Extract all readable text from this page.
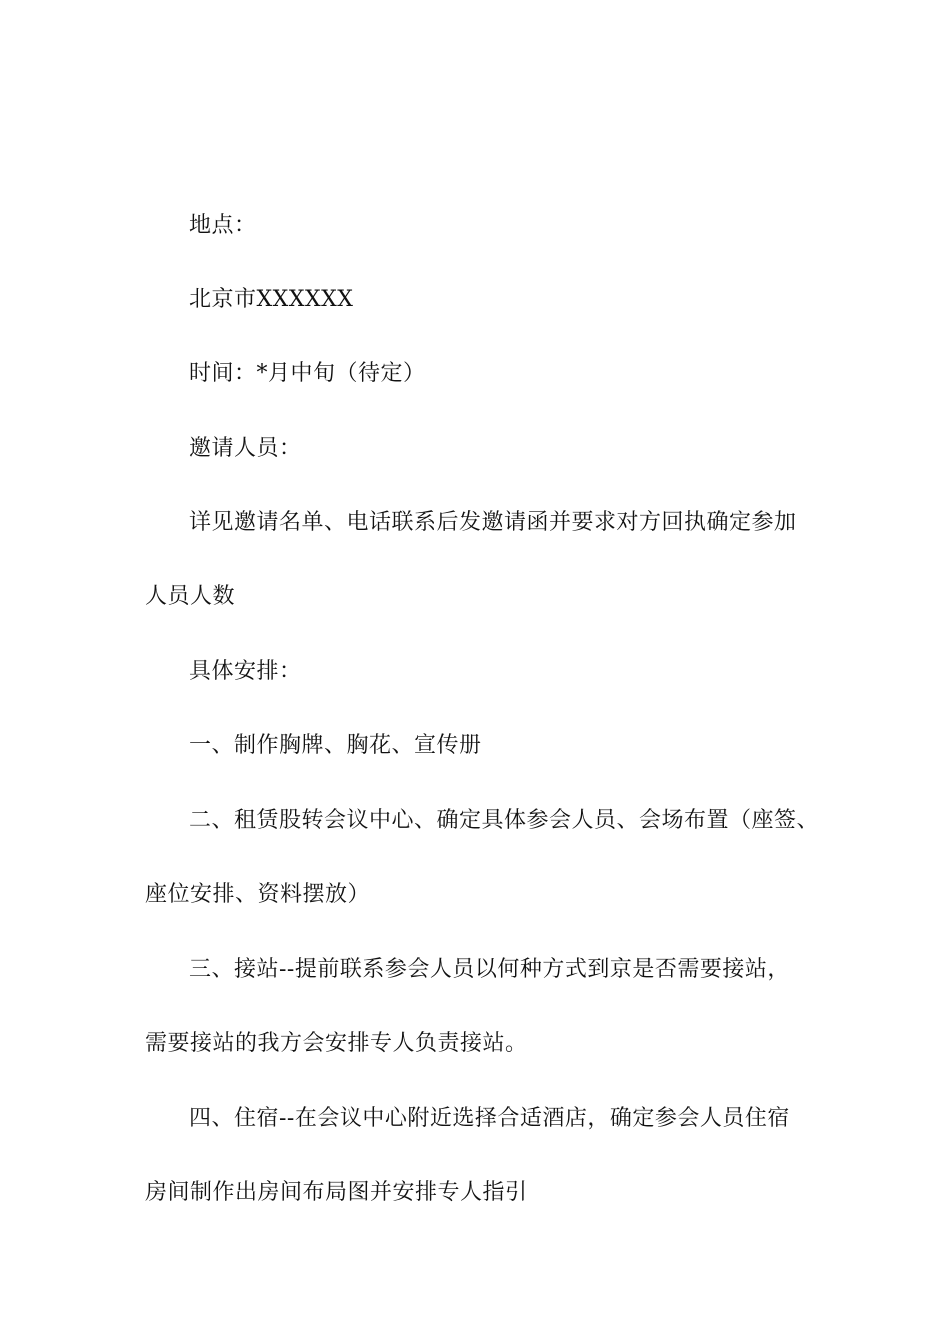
地点：
北京市XXXXXX
时间：*月中旬（待定）
邀请人员：
详见邀请名单、电话联系后发邀请函并要求对方回执确定参加
人员人数
具体安排：
一、制作胸牌、胸花、宣传册
二、租赁股转会议中心、确定具体参会人员、会场布置（座签、
座位安排、资料摆放）
三、接站--提前联系参会人员以何种方式到京是否需要接站，
需要接站的我方会安排专人负责接站。
四、住宿--在会议中心附近选择合适酒店，确定参会人员住宿
房间制作出房间布局图并安排专人指引
